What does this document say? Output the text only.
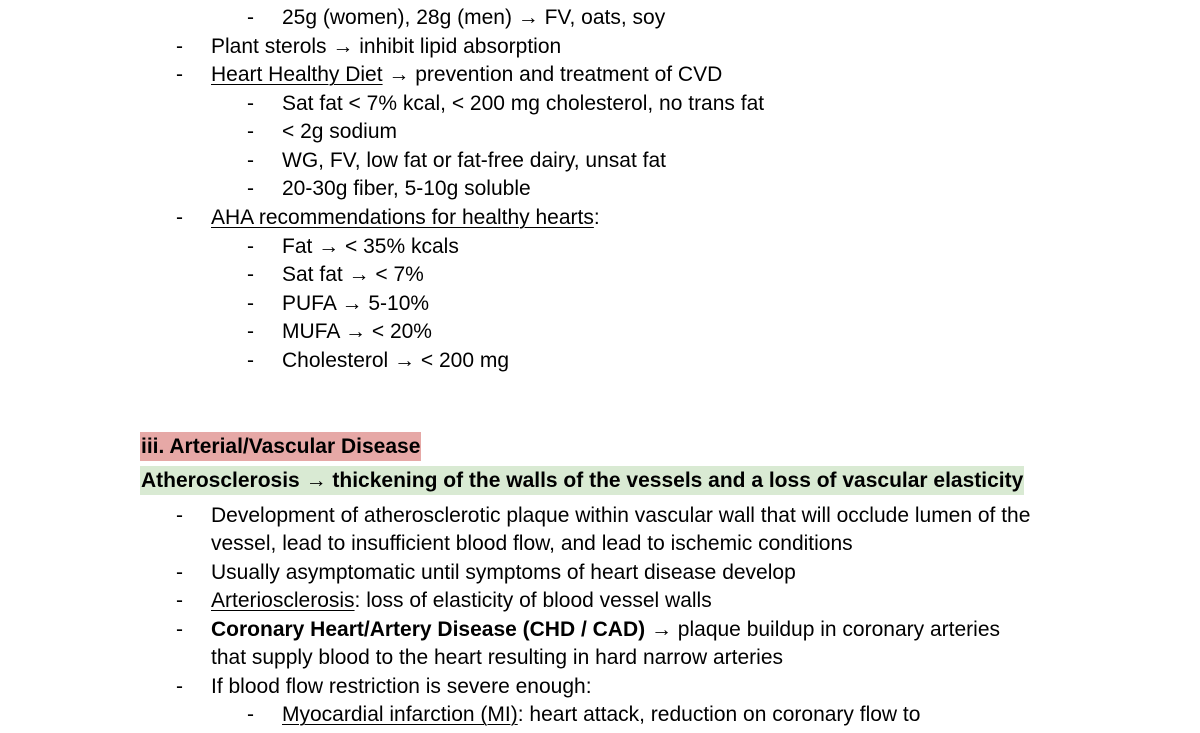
- 25g (women), 28g (men) → FV, oats, soy
- Plant sterols → inhibit lipid absorption
- Heart Healthy Diet → prevention and treatment of CVD
- Sat fat < 7% kcal, < 200 mg cholesterol, no trans fat
- < 2g sodium
- WG, FV, low fat or fat-free dairy, unsat fat
- 20-30g fiber, 5-10g soluble
- AHA recommendations for healthy hearts:
- Fat → < 35% kcals
- Sat fat → < 7%
- PUFA → 5-10%
- MUFA → < 20%
- Cholesterol → < 200 mg
iii. Arterial/Vascular Disease
Atherosclerosis → thickening of the walls of the vessels and a loss of vascular elasticity
- Development of atherosclerotic plaque within vascular wall that will occlude lumen of the
vessel, lead to insufficient blood flow, and lead to ischemic conditions
- Usually asymptomatic until symptoms of heart disease develop
- Arteriosclerosis: loss of elasticity of blood vessel walls
- Coronary Heart/Artery Disease (CHD / CAD) → plaque buildup in coronary arteries
that supply blood to the heart resulting in hard narrow arteries
- If blood flow restriction is severe enough:
- Myocardial infarction (MI): heart attack, reduction on coronary flow to
